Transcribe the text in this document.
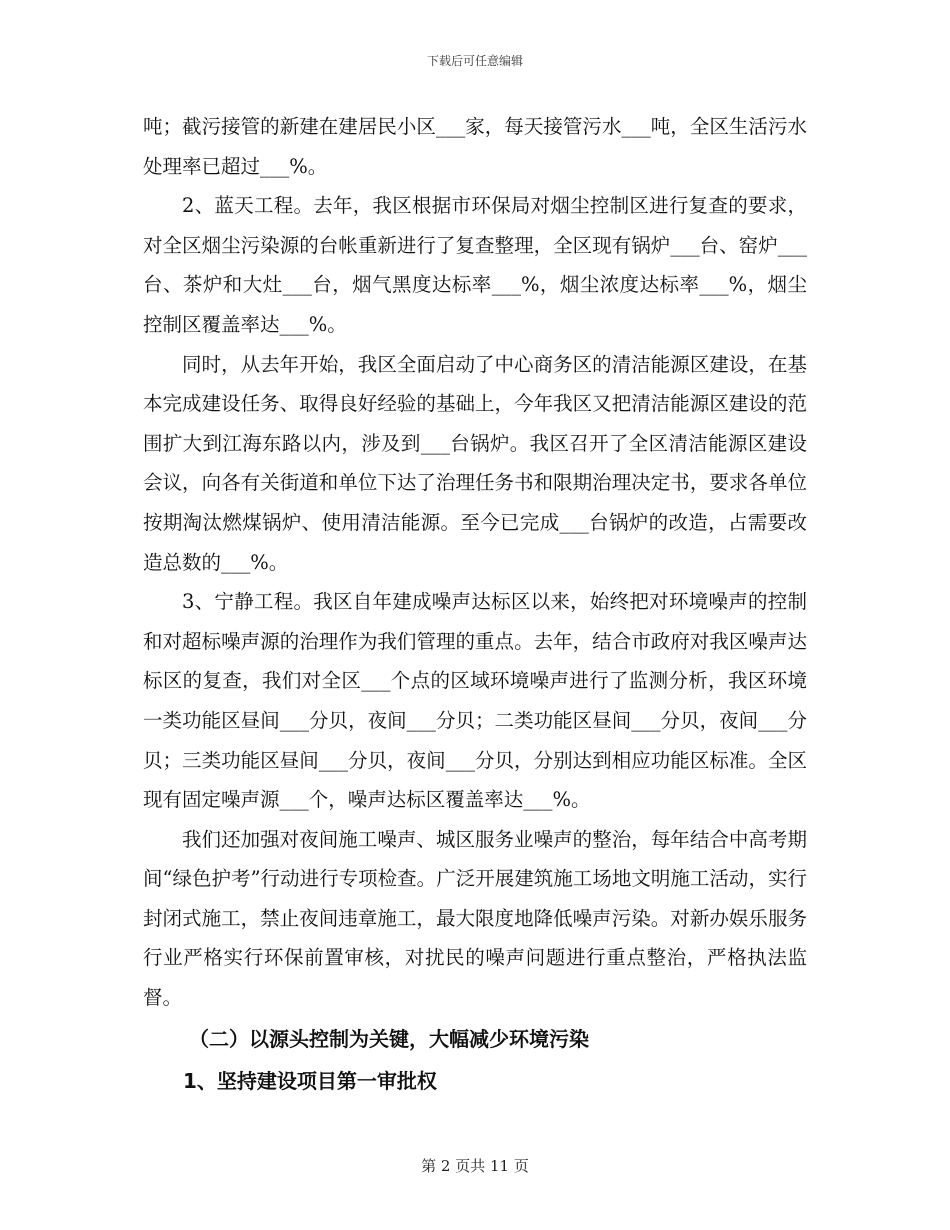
下载后可任意编辑

吨；截污接管的新建在建居民小区___家，每天接管污水___吨，全区生活污水处理率已超过___%。

2、蓝天工程。去年，我区根据市环保局对烟尘控制区进行复查的要求，对全区烟尘污染源的台帐重新进行了复查整理，全区现有锅炉___台、窑炉___台、茶炉和大灶___台，烟气黑度达标率___%，烟尘浓度达标率___%，烟尘控制区覆盖率达___%。

同时，从去年开始，我区全面启动了中心商务区的清洁能源区建设，在基本完成建设任务、取得良好经验的基础上，今年我区又把清洁能源区建设的范围扩大到江海东路以内，涉及到___台锅炉。我区召开了全区清洁能源区建设会议，向各有关街道和单位下达了治理任务书和限期治理决定书，要求各单位按期淘汰燃煤锅炉、使用清洁能源。至今已完成___台锅炉的改造，占需要改造总数的___%。

3、宁静工程。我区自年建成噪声达标区以来，始终把对环境噪声的控制和对超标噪声源的治理作为我们管理的重点。去年，结合市政府对我区噪声达标区的复查，我们对全区___个点的区域环境噪声进行了监测分析，我区环境一类功能区昼间___分贝，夜间___分贝；二类功能区昼间___分贝，夜间___分贝；三类功能区昼间___分贝，夜间___分贝，分别达到相应功能区标准。全区现有固定噪声源___个，噪声达标区覆盖率达___%。

我们还加强对夜间施工噪声、城区服务业噪声的整治，每年结合中高考期间“绿色护考”行动进行专项检查。广泛开展建筑施工场地文明施工活动，实行封闭式施工，禁止夜间违章施工，最大限度地降低噪声污染。对新办娱乐服务行业严格实行环保前置审核，对扰民的噪声问题进行重点整治，严格执法监督。

（二）以源头控制为关键，大幅减少环境污染

1、坚持建设项目第一审批权

第 2 页共 11 页
